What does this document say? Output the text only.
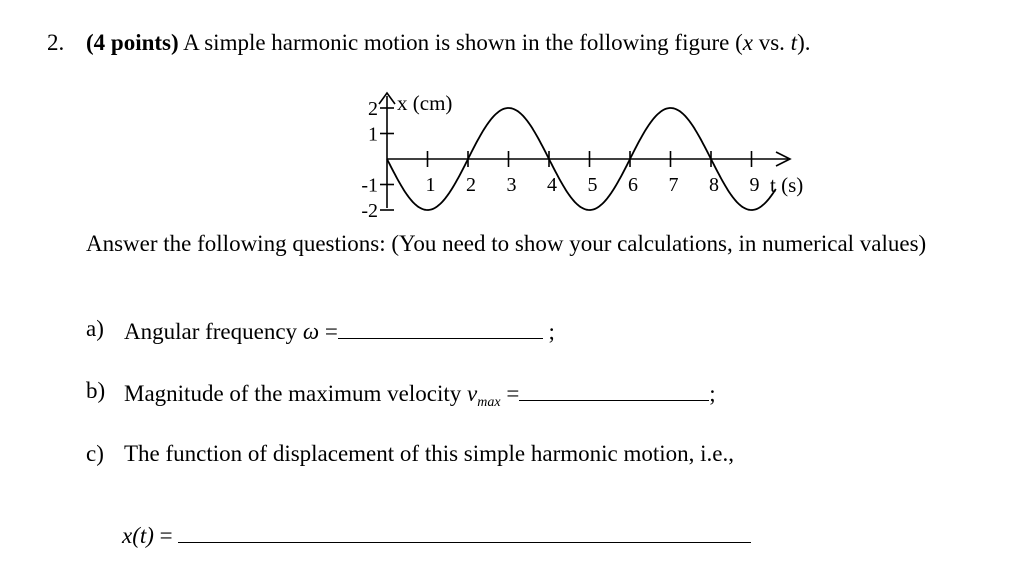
2. (4 points) A simple harmonic motion is shown in the following figure (x vs. t).
2
1
-1
-2
1 2 3 4 5 6 7 8 9
x (cm)
t (s)
Answer the following questions: (You need to show your calculations, in numerical values)
a) Angular frequency ω =	;
b) Magnitude of the maximum velocity $v_{max}$ =	;
c) The function of displacement of this simple harmonic motion, i.e.,
x(t) =
